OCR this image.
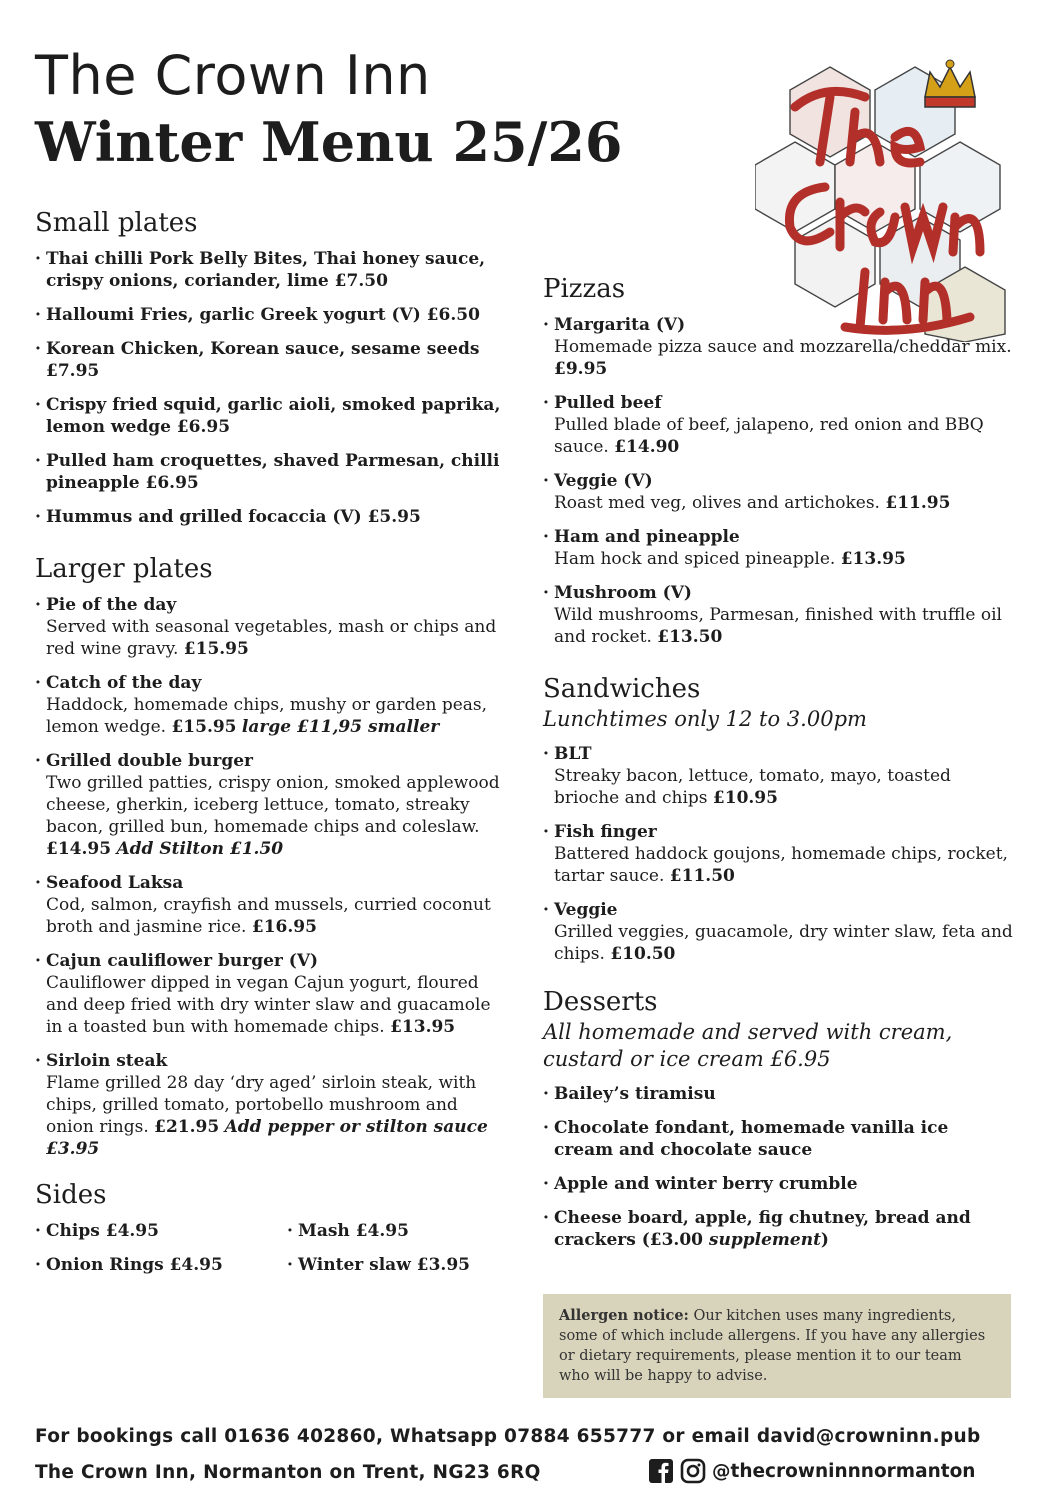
The Crown Inn
Winter Menu 25/26
Small plates
· Thai chilli Pork Belly Bites, Thai honey sauce, crispy onions, coriander, lime £7.50
· Halloumi Fries, garlic Greek yogurt (V) £6.50
· Korean Chicken, Korean sauce, sesame seeds £7.95
· Crispy fried squid, garlic aioli, smoked paprika, lemon wedge £6.95
· Pulled ham croquettes, shaved Parmesan, chilli pineapple £6.95
· Hummus and grilled focaccia (V) £5.95
Larger plates
· Pie of the day
Served with seasonal vegetables, mash or chips and red wine gravy. £15.95
· Catch of the day
Haddock, homemade chips, mushy or garden peas, lemon wedge. £15.95 large £11,95 smaller
· Grilled double burger
Two grilled patties, crispy onion, smoked applewood cheese, gherkin, iceberg lettuce, tomato, streaky bacon, grilled bun, homemade chips and coleslaw. £14.95 Add Stilton £1.50
· Seafood Laksa
Cod, salmon, crayfish and mussels, curried coconut broth and jasmine rice. £16.95
· Cajun cauliflower burger (V)
Cauliflower dipped in vegan Cajun yogurt, floured and deep fried with dry winter slaw and guacamole in a toasted bun with homemade chips. £13.95
· Sirloin steak
Flame grilled 28 day ‘dry aged’ sirloin steak, with chips, grilled tomato, portobello mushroom and onion rings. £21.95 Add pepper or stilton sauce £3.95
Sides
· Chips £4.95	· Mash £4.95
· Onion Rings £4.95	· Winter slaw £3.95
Pizzas
· Margarita (V)
Homemade pizza sauce and mozzarella/cheddar mix. £9.95
· Pulled beef
Pulled blade of beef, jalapeno, red onion and BBQ sauce. £14.90
· Veggie (V)
Roast med veg, olives and artichokes. £11.95
· Ham and pineapple
Ham hock and spiced pineapple. £13.95
· Mushroom (V)
Wild mushrooms, Parmesan, finished with truffle oil and rocket. £13.50
Sandwiches
Lunchtimes only 12 to 3.00pm
· BLT
Streaky bacon, lettuce, tomato, mayo, toasted brioche and chips £10.95
· Fish finger
Battered haddock goujons, homemade chips, rocket, tartar sauce. £11.50
· Veggie
Grilled veggies, guacamole, dry winter slaw, feta and chips. £10.50
Desserts
All homemade and served with cream, custard or ice cream £6.95
· Bailey’s tiramisu
· Chocolate fondant, homemade vanilla ice cream and chocolate sauce
· Apple and winter berry crumble
· Cheese board, apple, fig chutney, bread and crackers (£3.00 supplement)
Allergen notice: Our kitchen uses many ingredients, some of which include allergens. If you have any allergies or dietary requirements, please mention it to our team who will be happy to advise.
For bookings call 01636 402860, Whatsapp 07884 655777 or email david@crowninn.pub
The Crown Inn, Normanton on Trent, NG23 6RQ	@thecrowninnnormanton
